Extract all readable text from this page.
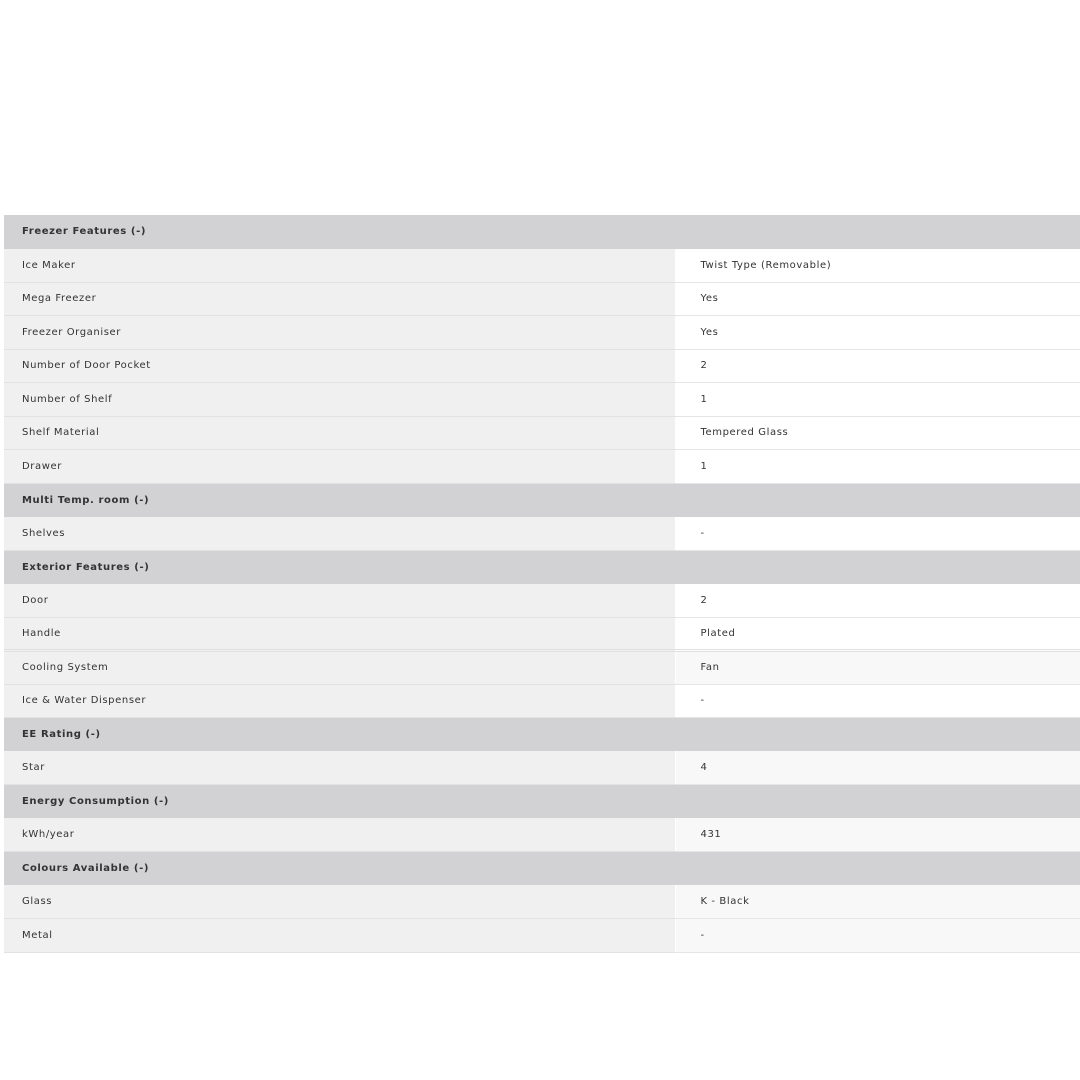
Freezer Features (-)	
Ice Maker	Twist Type (Removable)
Mega Freezer	Yes
Freezer Organiser	Yes
Number of Door Pocket	2
Number of Shelf	1
Shelf Material	Tempered Glass
Drawer	1
Multi Temp. room (-)	
Shelves	-
Exterior Features (-)	
Door	2
Handle	Plated
Cooling System	Fan
Ice & Water Dispenser	-
EE Rating (-)	
Star	4
Energy Consumption (-)	
kWh/year	431
Colours Available (-)	
Glass	K - Black
Metal	-
